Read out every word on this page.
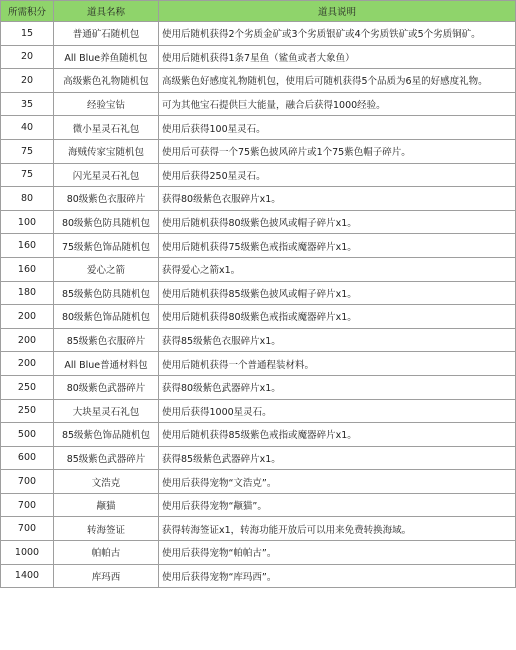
所需积分	道具名称	道具说明
15	普通矿石随机包	使用后随机获得2个劣质金矿或3个劣质银矿或4个劣质铁矿或5个劣质铜矿。
20	All Blue养鱼随机包	使用后随机获得1条7星鱼（鲨鱼或者大象鱼）
20	高级紫色礼物随机包	高级紫色好感度礼物随机包，使用后可随机获得5个品质为6星的好感度礼物。
35	经验宝钻	可为其他宝石提供巨大能量，融合后获得1000经验。
40	微小星灵石礼包	使用后获得100星灵石。
75	海贼传家宝随机包	使用后可获得一个75紫色披风碎片或1个75紫色帽子碎片。
75	闪光星灵石礼包	使用后获得250星灵石。
80	80级紫色衣服碎片	获得80级紫色衣服碎片x1。
100	80级紫色防具随机包	使用后随机获得80级紫色披风或帽子碎片x1。
160	75级紫色饰品随机包	使用后随机获得75级紫色戒指或魔器碎片x1。
160	爱心之箭	获得爱心之箭x1。
180	85级紫色防具随机包	使用后随机获得85级紫色披风或帽子碎片x1。
200	80级紫色饰品随机包	使用后随机获得80级紫色戒指或魔器碎片x1。
200	85级紫色衣服碎片	获得85级紫色衣服碎片x1。
200	All Blue普通材料包	使用后随机获得一个普通程装材料。
250	80级紫色武器碎片	获得80级紫色武器碎片x1。
250	大块星灵石礼包	使用后获得1000星灵石。
500	85级紫色饰品随机包	使用后随机获得85级紫色戒指或魔器碎片x1。
600	85级紫色武器碎片	获得85级紫色武器碎片x1。
700	文浩克	使用后获得宠物“文浩克”。
700	颟猫	使用后获得宠物“颟猫”。
700	转海签证	获得转海签证x1，转海功能开放后可以用来免费转换海域。
1000	帕帕古	使用后获得宠物“帕帕古”。
1400	库玛西	使用后获得宠物“库玛西”。
